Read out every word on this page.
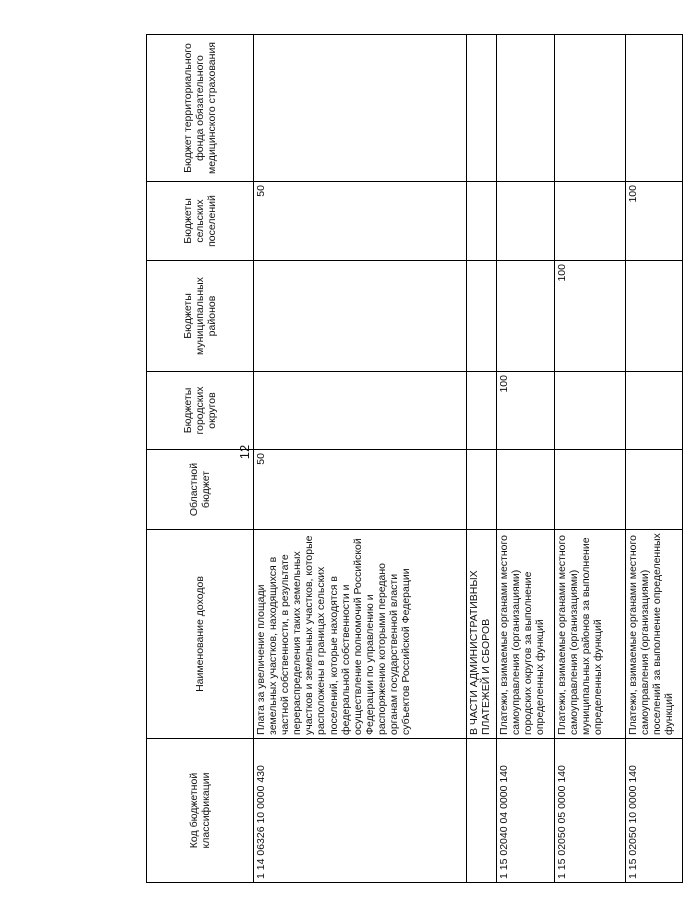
12
Код бюджетной классификации	Наименование доходов	Областной бюджет	Бюджеты городских округов	Бюджеты муниципальных районов	Бюджеты сельских поселений	Бюджет территориального фонда обязательного медицинского страхования
1 14 06326 10 0000 430	Плата за увеличение площади земельных участков, находящихся в частной собственности, в результате перераспределения таких земельных участков и земельных участков, которые расположены в границах сельских поселений, которые находятся в федеральной собственности и осуществление полномочий Российской Федерации по управлению и распоряжению которыми передано органам государственной власти субъектов Российской Федерации	50			50	
	В ЧАСТИ АДМИНИСТРАТИВНЫХ ПЛАТЕЖЕЙ И СБОРОВ					
1 15 02040 04 0000 140	Платежи, взимаемые органами местного самоуправления (организациями) городских округов за выполнение определенных функций		100			
1 15 02050 05 0000 140	Платежи, взимаемые органами местного самоуправления (организациями) муниципальных районов за выполнение определенных функций			100		
1 15 02050 10 0000 140	Платежи, взимаемые органами местного самоуправления (организациями) поселений за выполнение определенных функций				100	
